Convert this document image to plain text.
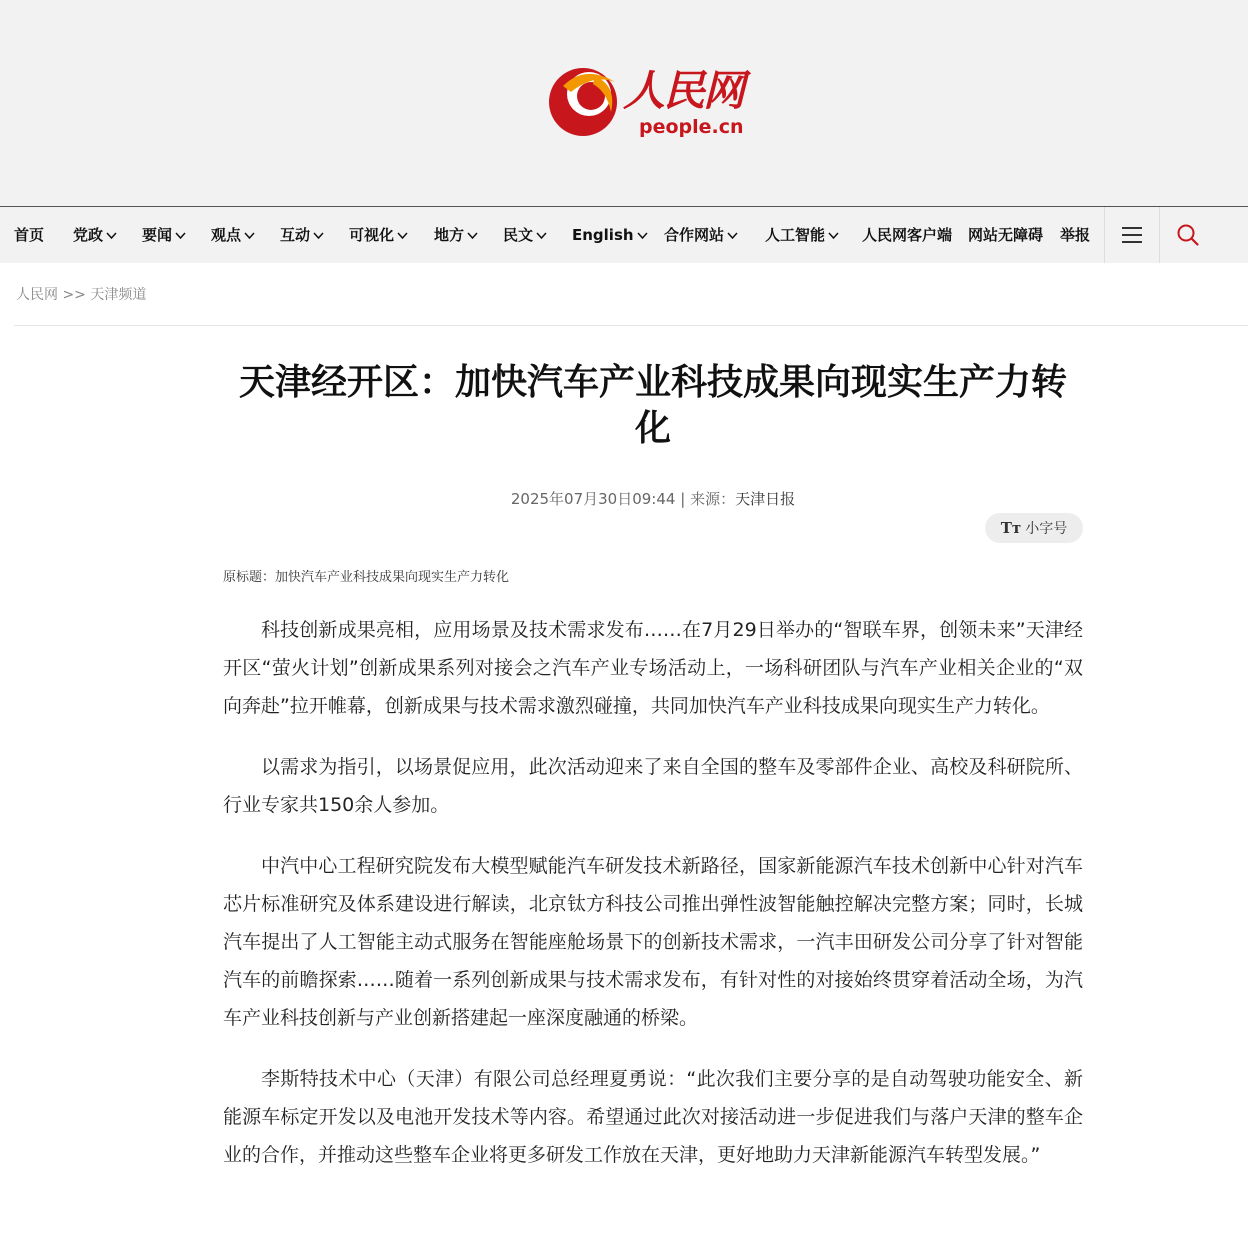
人民网
people.cn
首页 党政	要闻	观点	互动	可视化	地方	民文	English	合作网站	人工智能	人民网客户端 网站无障碍 举报
人民网 >> 天津频道
天津经开区：加快汽车产业科技成果向现实生产力转化
2025年07月30日09:44 | 来源：天津日报
Tт 小字号
原标题：加快汽车产业科技成果向现实生产力转化

科技创新成果亮相，应用场景及技术需求发布……在7月29日举办的“智联车界，创领未来”天津经开区“萤火计划”创新成果系列对接会之汽车产业专场活动上，一场科研团队与汽车产业相关企业的“双向奔赴”拉开帷幕，创新成果与技术需求激烈碰撞，共同加快汽车产业科技成果向现实生产力转化。

以需求为指引，以场景促应用，此次活动迎来了来自全国的整车及零部件企业、高校及科研院所、行业专家共150余人参加。

中汽中心工程研究院发布大模型赋能汽车研发技术新路径，国家新能源汽车技术创新中心针对汽车芯片标准研究及体系建设进行解读，北京钛方科技公司推出弹性波智能触控解决完整方案；同时，长城汽车提出了人工智能主动式服务在智能座舱场景下的创新技术需求，一汽丰田研发公司分享了针对智能汽车的前瞻探索……随着一系列创新成果与技术需求发布，有针对性的对接始终贯穿着活动全场，为汽车产业科技创新与产业创新搭建起一座深度融通的桥梁。

李斯特技术中心（天津）有限公司总经理夏勇说：“此次我们主要分享的是自动驾驶功能安全、新能源车标定开发以及电池开发技术等内容。希望通过此次对接活动进一步促进我们与落户天津的整车企业的合作，并推动这些整车企业将更多研发工作放在天津，更好地助力天津新能源汽车转型发展。”
